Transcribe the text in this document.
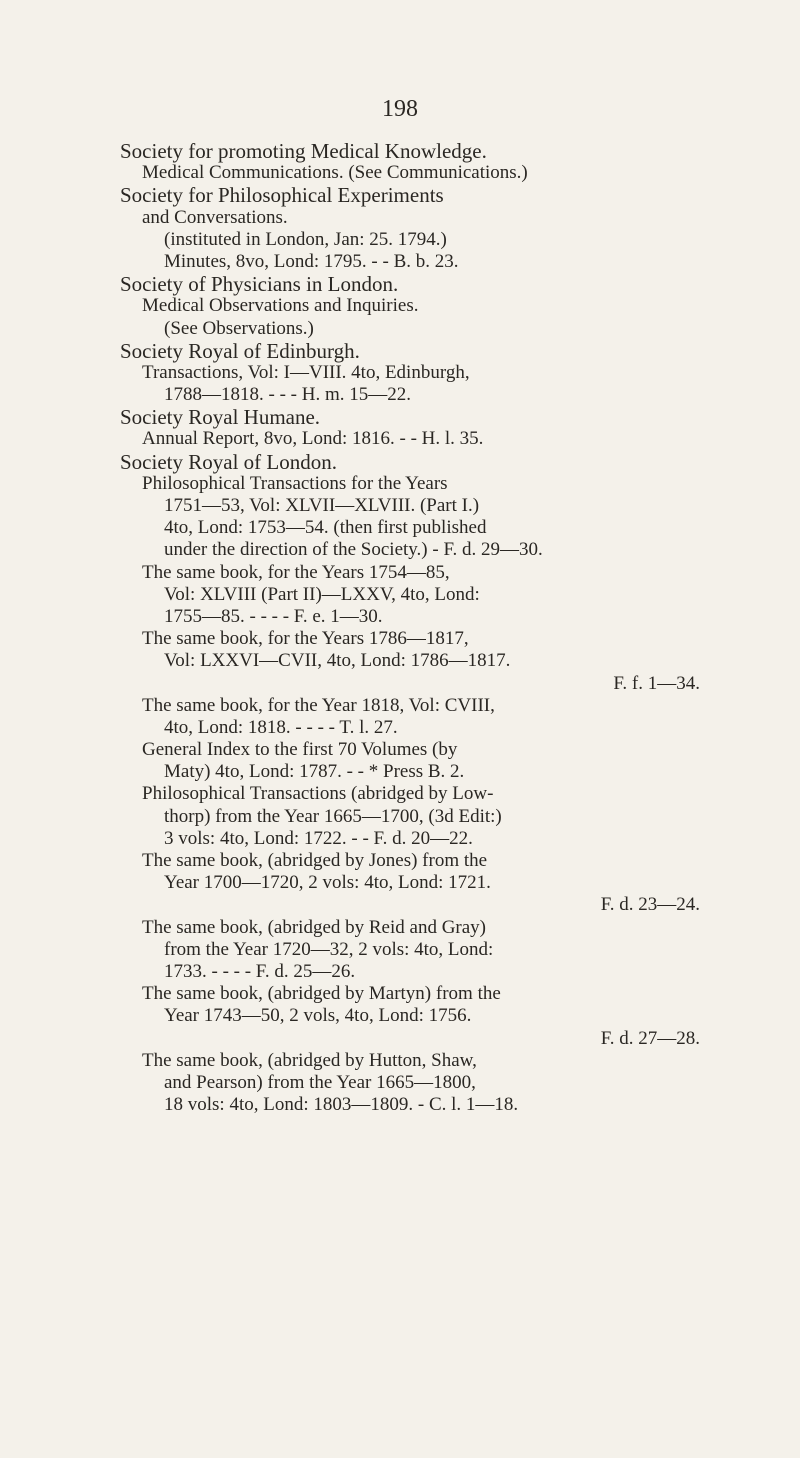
198
Society for promoting Medical Knowledge.
Medical Communications. (See Communications.)
Society for Philosophical Experiments
and Conversations.
(instituted in London, Jan: 25. 1794.)
Minutes, 8vo, Lond: 1795. - - B. b. 23.
Society of Physicians in London.
Medical Observations and Inquiries.
(See Observations.)
Society Royal of Edinburgh.
Transactions, Vol: I—VIII. 4to, Edinburgh,
1788—1818. - - - H. m. 15—22.
Society Royal Humane.
Annual Report, 8vo, Lond: 1816. - - H. l. 35.
Society Royal of London.
Philosophical Transactions for the Years
1751—53, Vol: XLVII—XLVIII. (Part I.)
4to, Lond: 1753—54. (then first published
under the direction of the Society.) - F. d. 29—30.
The same book, for the Years 1754—85,
Vol: XLVIII (Part II)—LXXV, 4to, Lond:
1755—85. - - - - F. e. 1—30.
The same book, for the Years 1786—1817,
Vol: LXXVI—CVII, 4to, Lond: 1786—1817.
F. f. 1—34.
The same book, for the Year 1818, Vol: CVIII,
4to, Lond: 1818. - - - - T. l. 27.
General Index to the first 70 Volumes (by
Maty) 4to, Lond: 1787. - - * Press B. 2.
Philosophical Transactions (abridged by Low-
thorp) from the Year 1665—1700, (3d Edit:)
3 vols: 4to, Lond: 1722. - - F. d. 20—22.
The same book, (abridged by Jones) from the
Year 1700—1720, 2 vols: 4to, Lond: 1721.
F. d. 23—24.
The same book, (abridged by Reid and Gray)
from the Year 1720—32, 2 vols: 4to, Lond:
1733. - - - - F. d. 25—26.
The same book, (abridged by Martyn) from the
Year 1743—50, 2 vols, 4to, Lond: 1756.
F. d. 27—28.
The same book, (abridged by Hutton, Shaw,
and Pearson) from the Year 1665—1800,
18 vols: 4to, Lond: 1803—1809. - C. l. 1—18.
